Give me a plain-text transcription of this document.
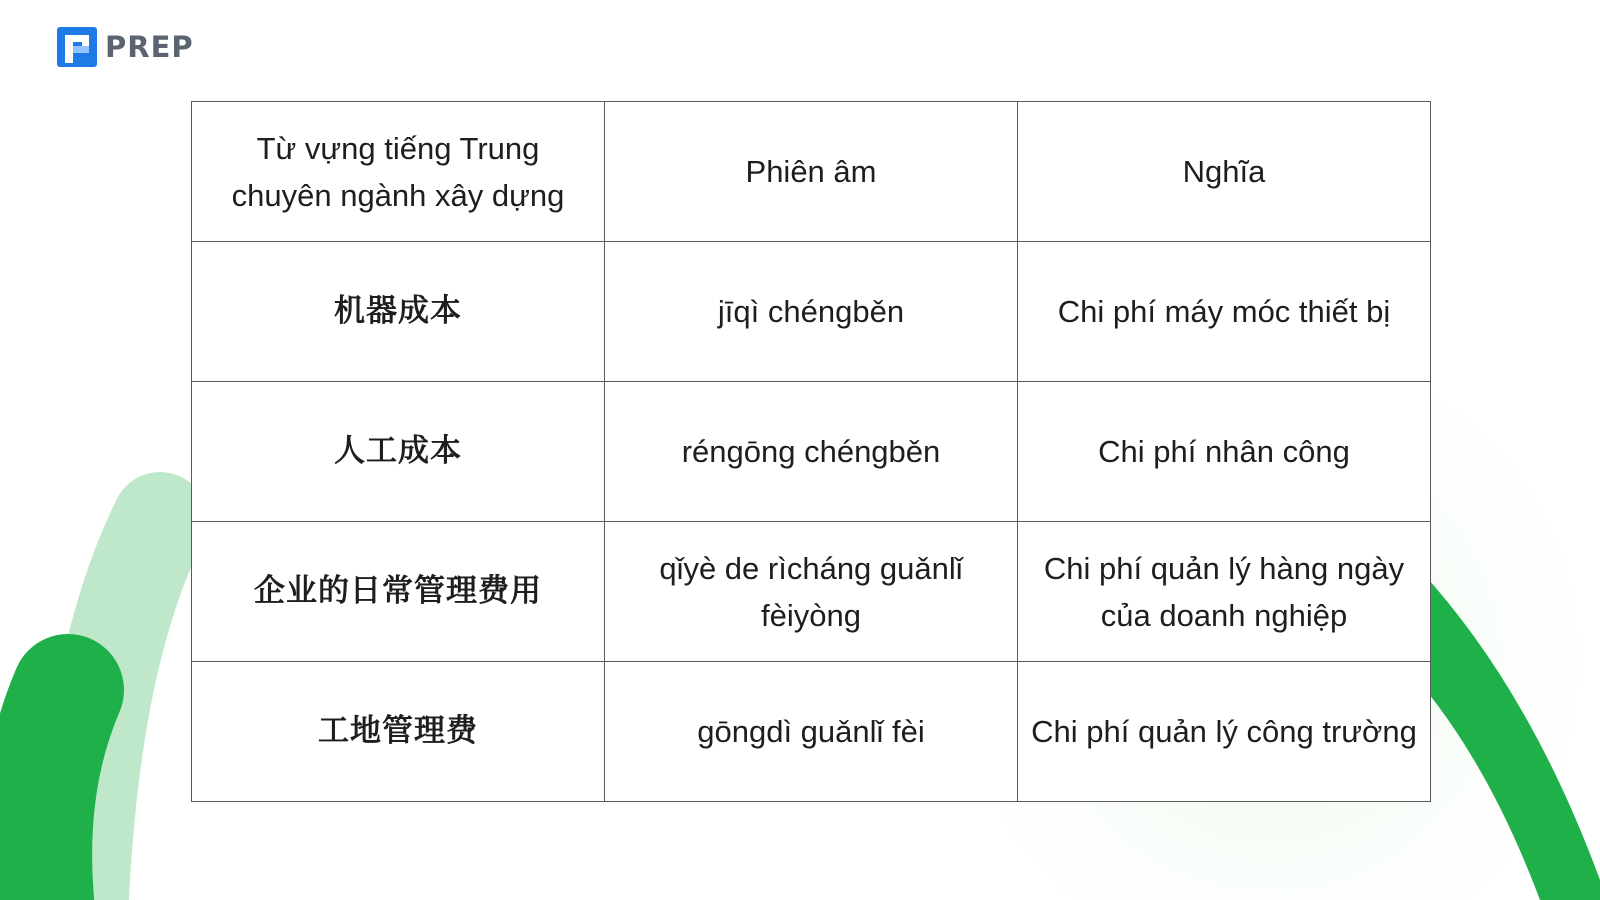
PREP
Từ vựng tiếng Trung chuyên ngành xây dựng	Phiên âm	Nghĩa
机器成本	jīqì chéngběn	Chi phí máy móc thiết bị
人工成本	réngōng chéngběn	Chi phí nhân công
企业的日常管理费用	qǐyè de rìcháng guǎnlǐ fèiyòng	Chi phí quản lý hàng ngày của doanh nghiệp
工地管理费	gōngdì guǎnlǐ fèi	Chi phí quản lý công trường
